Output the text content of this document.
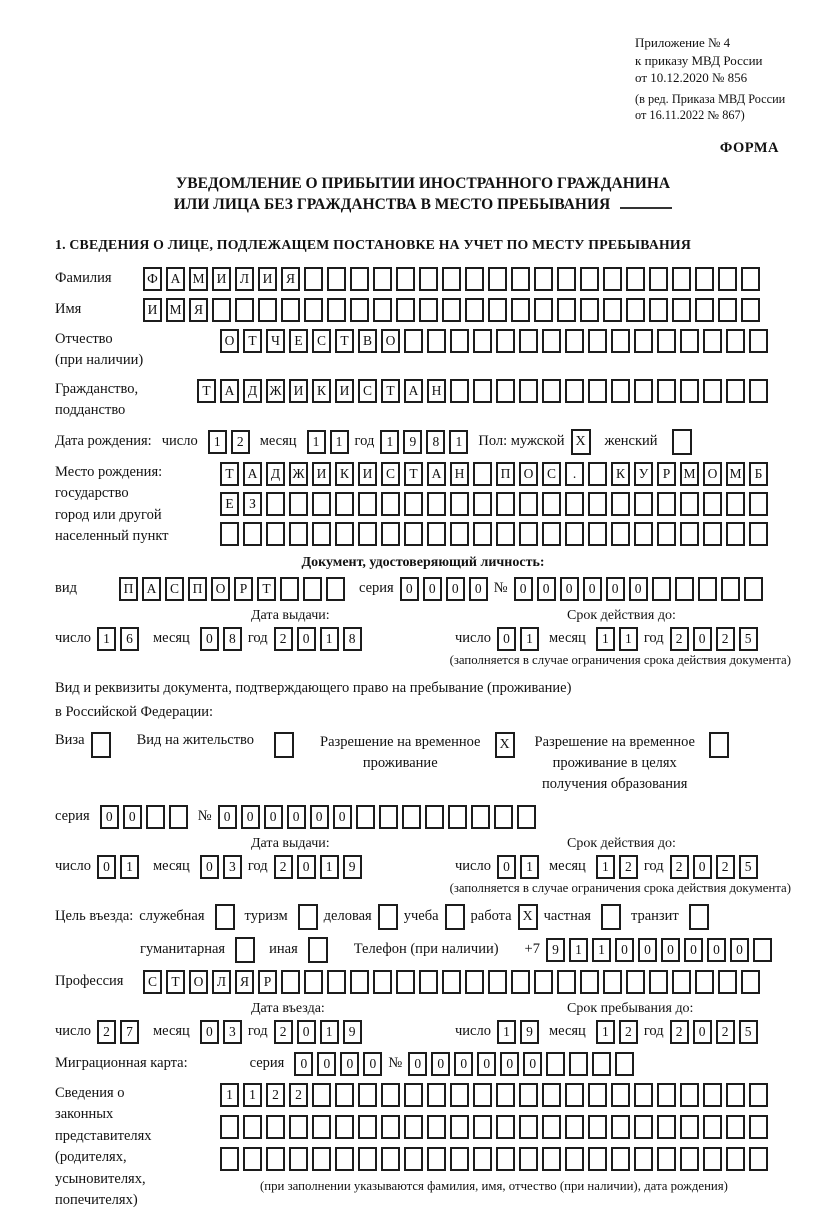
Приложение № 4
к приказу МВД России
от 10.12.2020 № 856
(в ред. Приказа МВД России
от 16.11.2022 № 867)
ФОРМА
УВЕДОМЛЕНИЕ О ПРИБЫТИИ ИНОСТРАННОГО ГРАЖДАНИНА
ИЛИ ЛИЦА БЕЗ ГРАЖДАНСТВА В МЕСТО ПРЕБЫВАНИЯ
1. СВЕДЕНИЯ О ЛИЦЕ, ПОДЛЕЖАЩЕМ ПОСТАНОВКЕ НА УЧЕТ ПО МЕСТУ ПРЕБЫВАНИЯ
Фамилия	Ф А М И	Л	И	Я
Имя	И М Я
Отчество
(при наличии)
О	Т	Ч	Е	С	Т	В	О
Гражданство,
подданство
Т	А	Д Ж И	К	И	С	Т	А Н
Дата рождения: число	1	2	месяц	1	1 год 1	9	8	1	Пол: мужской X	женский
Место рождения:
государство
город или другой
населенный пункт
Т	А	Д Ж И	К	И	С	Т	А Н	П О	С	.	К	У	Р М О М Б
Е	З
Документ, удостоверяющий личность:
вид	П А	С	П О	Р	Т	серия 0	0	0	0 № 0	0	0	0	0	0
Дата выдачи:
число 1	6	месяц	0	8 год 2	0	1	8
Срок действия до:
число 0	1	месяц	1	1 год 2	0	2	5
(заполняется в случае ограничения срока действия документа)
Вид и реквизиты документа, подтверждающего право на пребывание (проживание)
в Российской Федерации:
Виза	Вид на жительство	Разрешение на временное
проживание
X	Разрешение на временное
проживание в целях
получения образования
серия	0	0	№ 0	0	0	0	0	0
Дата выдачи:
число 0	1	месяц	0	3 год 2	0	1	9
Срок действия до:
число 0	1	месяц	1	2 год 2	0	2	5
(заполняется в случае ограничения срока действия документа)
Цель въезда: служебная	туризм деловая учеба работа X частная	транзит
гуманитарная	иная	Телефон (при наличии) +7 9	1	1	0	0	0	0	0	0
Профессия	С	Т	О	Л	Я	Р
Дата въезда:
число 2	7	месяц	0	3 год 2	0	1	9
Срок пребывания до:
число 1	9	месяц	1	2 год 2	0	2	5
Миграционная карта:	серия	0	0	0	0 № 0	0	0	0	0	0
Сведения о
законных
представителях
(родителях,
усыновителях,
попечителях)
1	1	2	2
(при заполнении указываются фамилия, имя, отчество (при наличии), дата рождения)
